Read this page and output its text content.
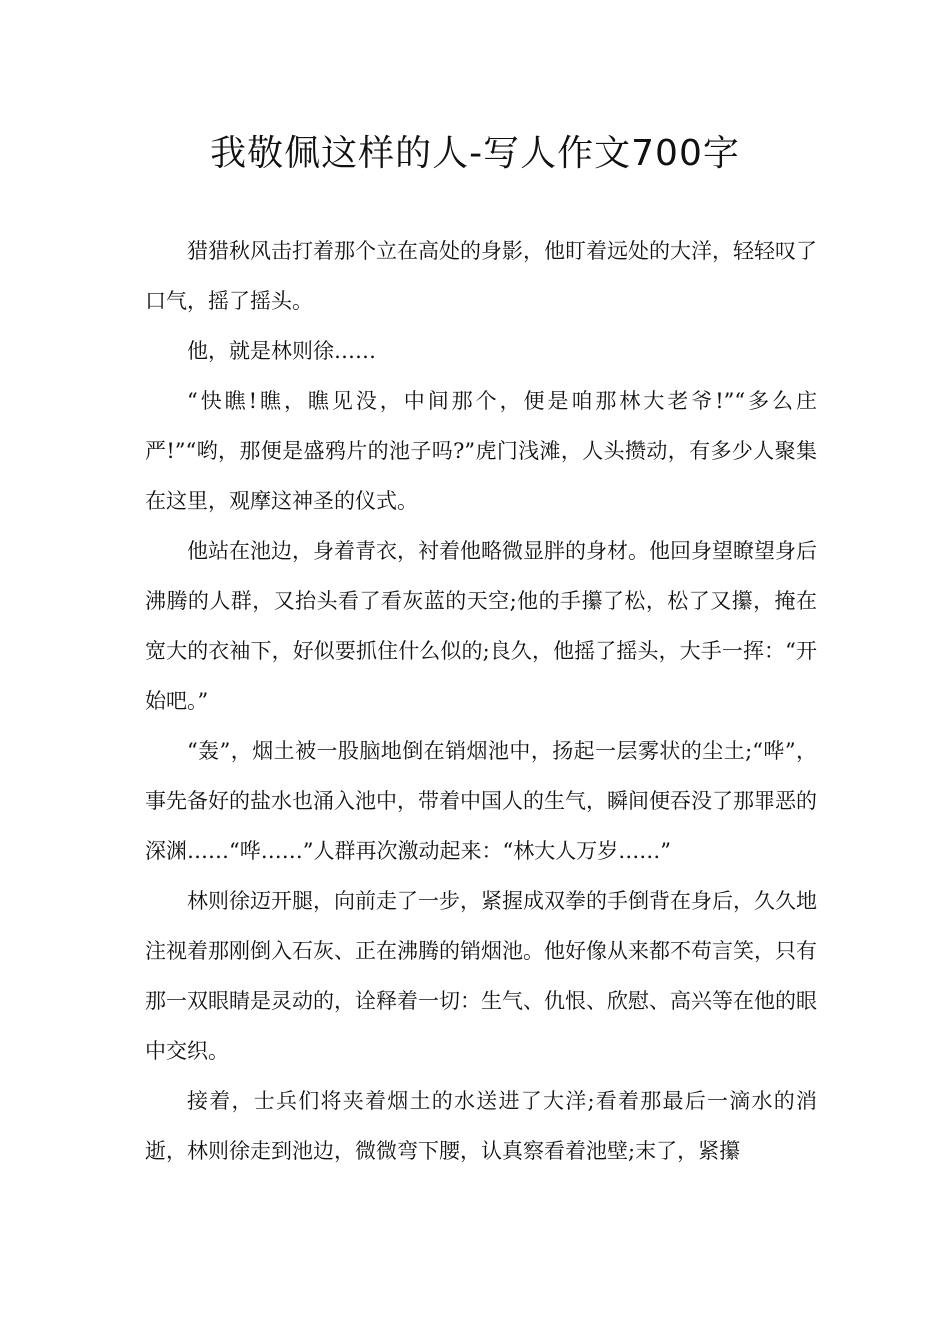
我敬佩这样的人-写人作文700字

猎猎秋风击打着那个立在高处的身影，他盯着远处的大洋，轻轻叹了口气，摇了摇头。

他，就是林则徐……

“快瞧!瞧，瞧见没，中间那个，便是咱那林大老爷!”“多么庄严!”“哟，那便是盛鸦片的池子吗?”虎门浅滩，人头攒动，有多少人聚集在这里，观摩这神圣的仪式。

他站在池边，身着青衣，衬着他略微显胖的身材。他回身望瞭望身后沸腾的人群，又抬头看了看灰蓝的天空;他的手攥了松，松了又攥，掩在宽大的衣袖下，好似要抓住什么似的;良久，他摇了摇头，大手一挥：“开始吧。”

“轰”，烟土被一股脑地倒在销烟池中，扬起一层雾状的尘土;“哗”，事先备好的盐水也涌入池中，带着中国人的生气，瞬间便吞没了那罪恶的深渊……“哗……”人群再次激动起来：“林大人万岁……”

林则徐迈开腿，向前走了一步，紧握成双拳的手倒背在身后，久久地注视着那刚倒入石灰、正在沸腾的销烟池。他好像从来都不苟言笑，只有那一双眼睛是灵动的，诠释着一切：生气、仇恨、欣慰、高兴等在他的眼中交织。

接着，士兵们将夹着烟土的水送进了大洋;看着那最后一滴水的消逝，林则徐走到池边，微微弯下腰，认真察看着池壁;末了，紧攥
